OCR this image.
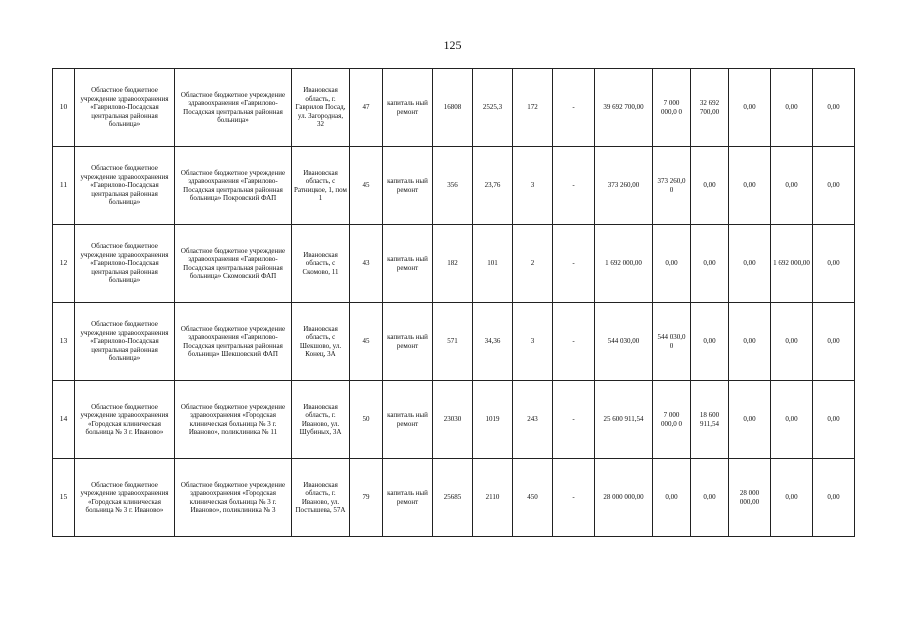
125
10	Областное бюджетное учреждение здравоохранения «Гаврилово-Посадская центральная районная больница»	Областное бюджетное учреждение здравоохранения «Гаврилово-Посадская центральная районная больница»	Ивановская область, г. Гаврилов Посад, ул. Загородная, 32	47	капиталь ный ремонт	16808	2525,3	172	-	39 692 700,00	7 000 000,0 0	32 692 700,00	0,00	0,00	0,00
11	Областное бюджетное учреждение здравоохранения «Гаврилово-Посадская центральная районная больница»	Областное бюджетное учреждение здравоохранения «Гаврилово-Посадская центральная районная больница» Покровский ФАП	Ивановская область, с Ратницкое, 1, пом 1	45	капиталь ный ремонт	356	23,76	3	-	373 260,00	373 260,0 0	0,00	0,00	0,00	0,00
12	Областное бюджетное учреждение здравоохранения «Гаврилово-Посадская центральная районная больница»	Областное бюджетное учреждение здравоохранения «Гаврилово-Посадская центральная районная больница» Скомовский ФАП	Ивановская область, с Скомово, 11	43	капиталь ный ремонт	182	101	2	-	1 692 000,00	0,00	0,00	0,00	1 692 000,00	0,00
13	Областное бюджетное учреждение здравоохранения «Гаврилово-Посадская центральная районная больница»	Областное бюджетное учреждение здравоохранения «Гаврилово-Посадская центральная районная больница» Шекшовский ФАП	Ивановская область, с Шекшово, ул. Конец, 3А	45	капиталь ный ремонт	571	34,36	3	-	544 030,00	544 030,0 0	0,00	0,00	0,00	0,00
14	Областное бюджетное учреждение здравоохранения «Городская клиническая больница № 3 г. Иваново»	Областное бюджетное учреждение здравоохранения «Городская клиническая больница № 3 г. Иваново», поликлиника № 11	Ивановская область, г. Иваново, ул. Шубиных, 3А	50	капиталь ный ремонт	23030	1019	243	-	25 600 911,54	7 000 000,0 0	18 600 911,54	0,00	0,00	0,00
15	Областное бюджетное учреждение здравоохранения «Городская клиническая больница № 3 г. Иваново»	Областное бюджетное учреждение здравоохранения «Городская клиническая больница № 3 г. Иваново», поликлиника № 3	Ивановская область, г. Иваново, ул. Постышева, 57А	79	капиталь ный ремонт	25685	2110	450	-	28 000 000,00	0,00	0,00	28 000 000,00	0,00	0,00
